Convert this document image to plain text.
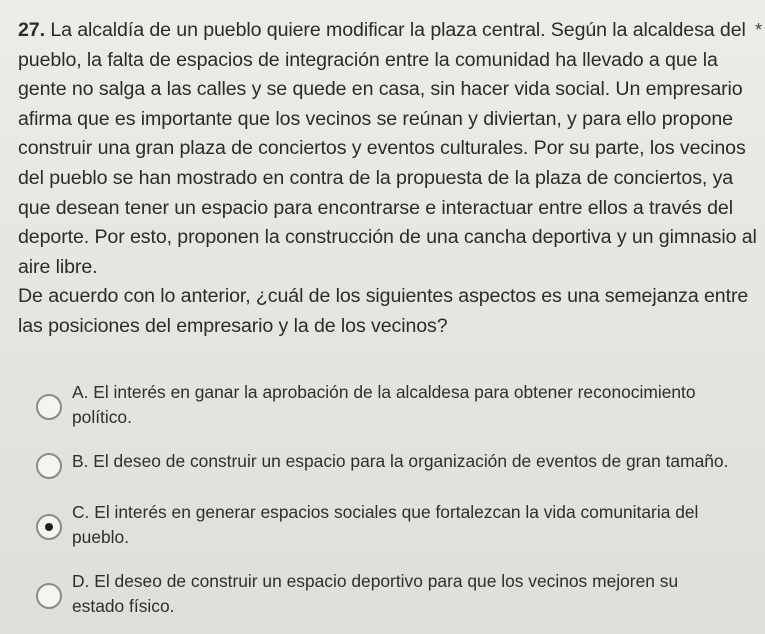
*
27. La alcaldía de un pueblo quiere modificar la plaza central. Según la alcaldesa del pueblo, la falta de espacios de integración entre la comunidad ha llevado a que la gente no salga a las calles y se quede en casa, sin hacer vida social. Un empresario afirma que es importante que los vecinos se reúnan y diviertan, y para ello propone construir una gran plaza de conciertos y eventos culturales. Por su parte, los vecinos del pueblo se han mostrado en contra de la propuesta de la plaza de conciertos, ya que desean tener un espacio para encontrarse e interactuar entre ellos a través del deporte. Por esto, proponen la construcción de una cancha deportiva y un gimnasio al aire libre.
De acuerdo con lo anterior, ¿cuál de los siguientes aspectos es una semejanza entre las posiciones del empresario y la de los vecinos?
A. El interés en ganar la aprobación de la alcaldesa para obtener reconocimiento político.
B. El deseo de construir un espacio para la organización de eventos de gran tamaño.
C. El interés en generar espacios sociales que fortalezcan la vida comunitaria del pueblo.
D. El deseo de construir un espacio deportivo para que los vecinos mejoren su estado físico.
